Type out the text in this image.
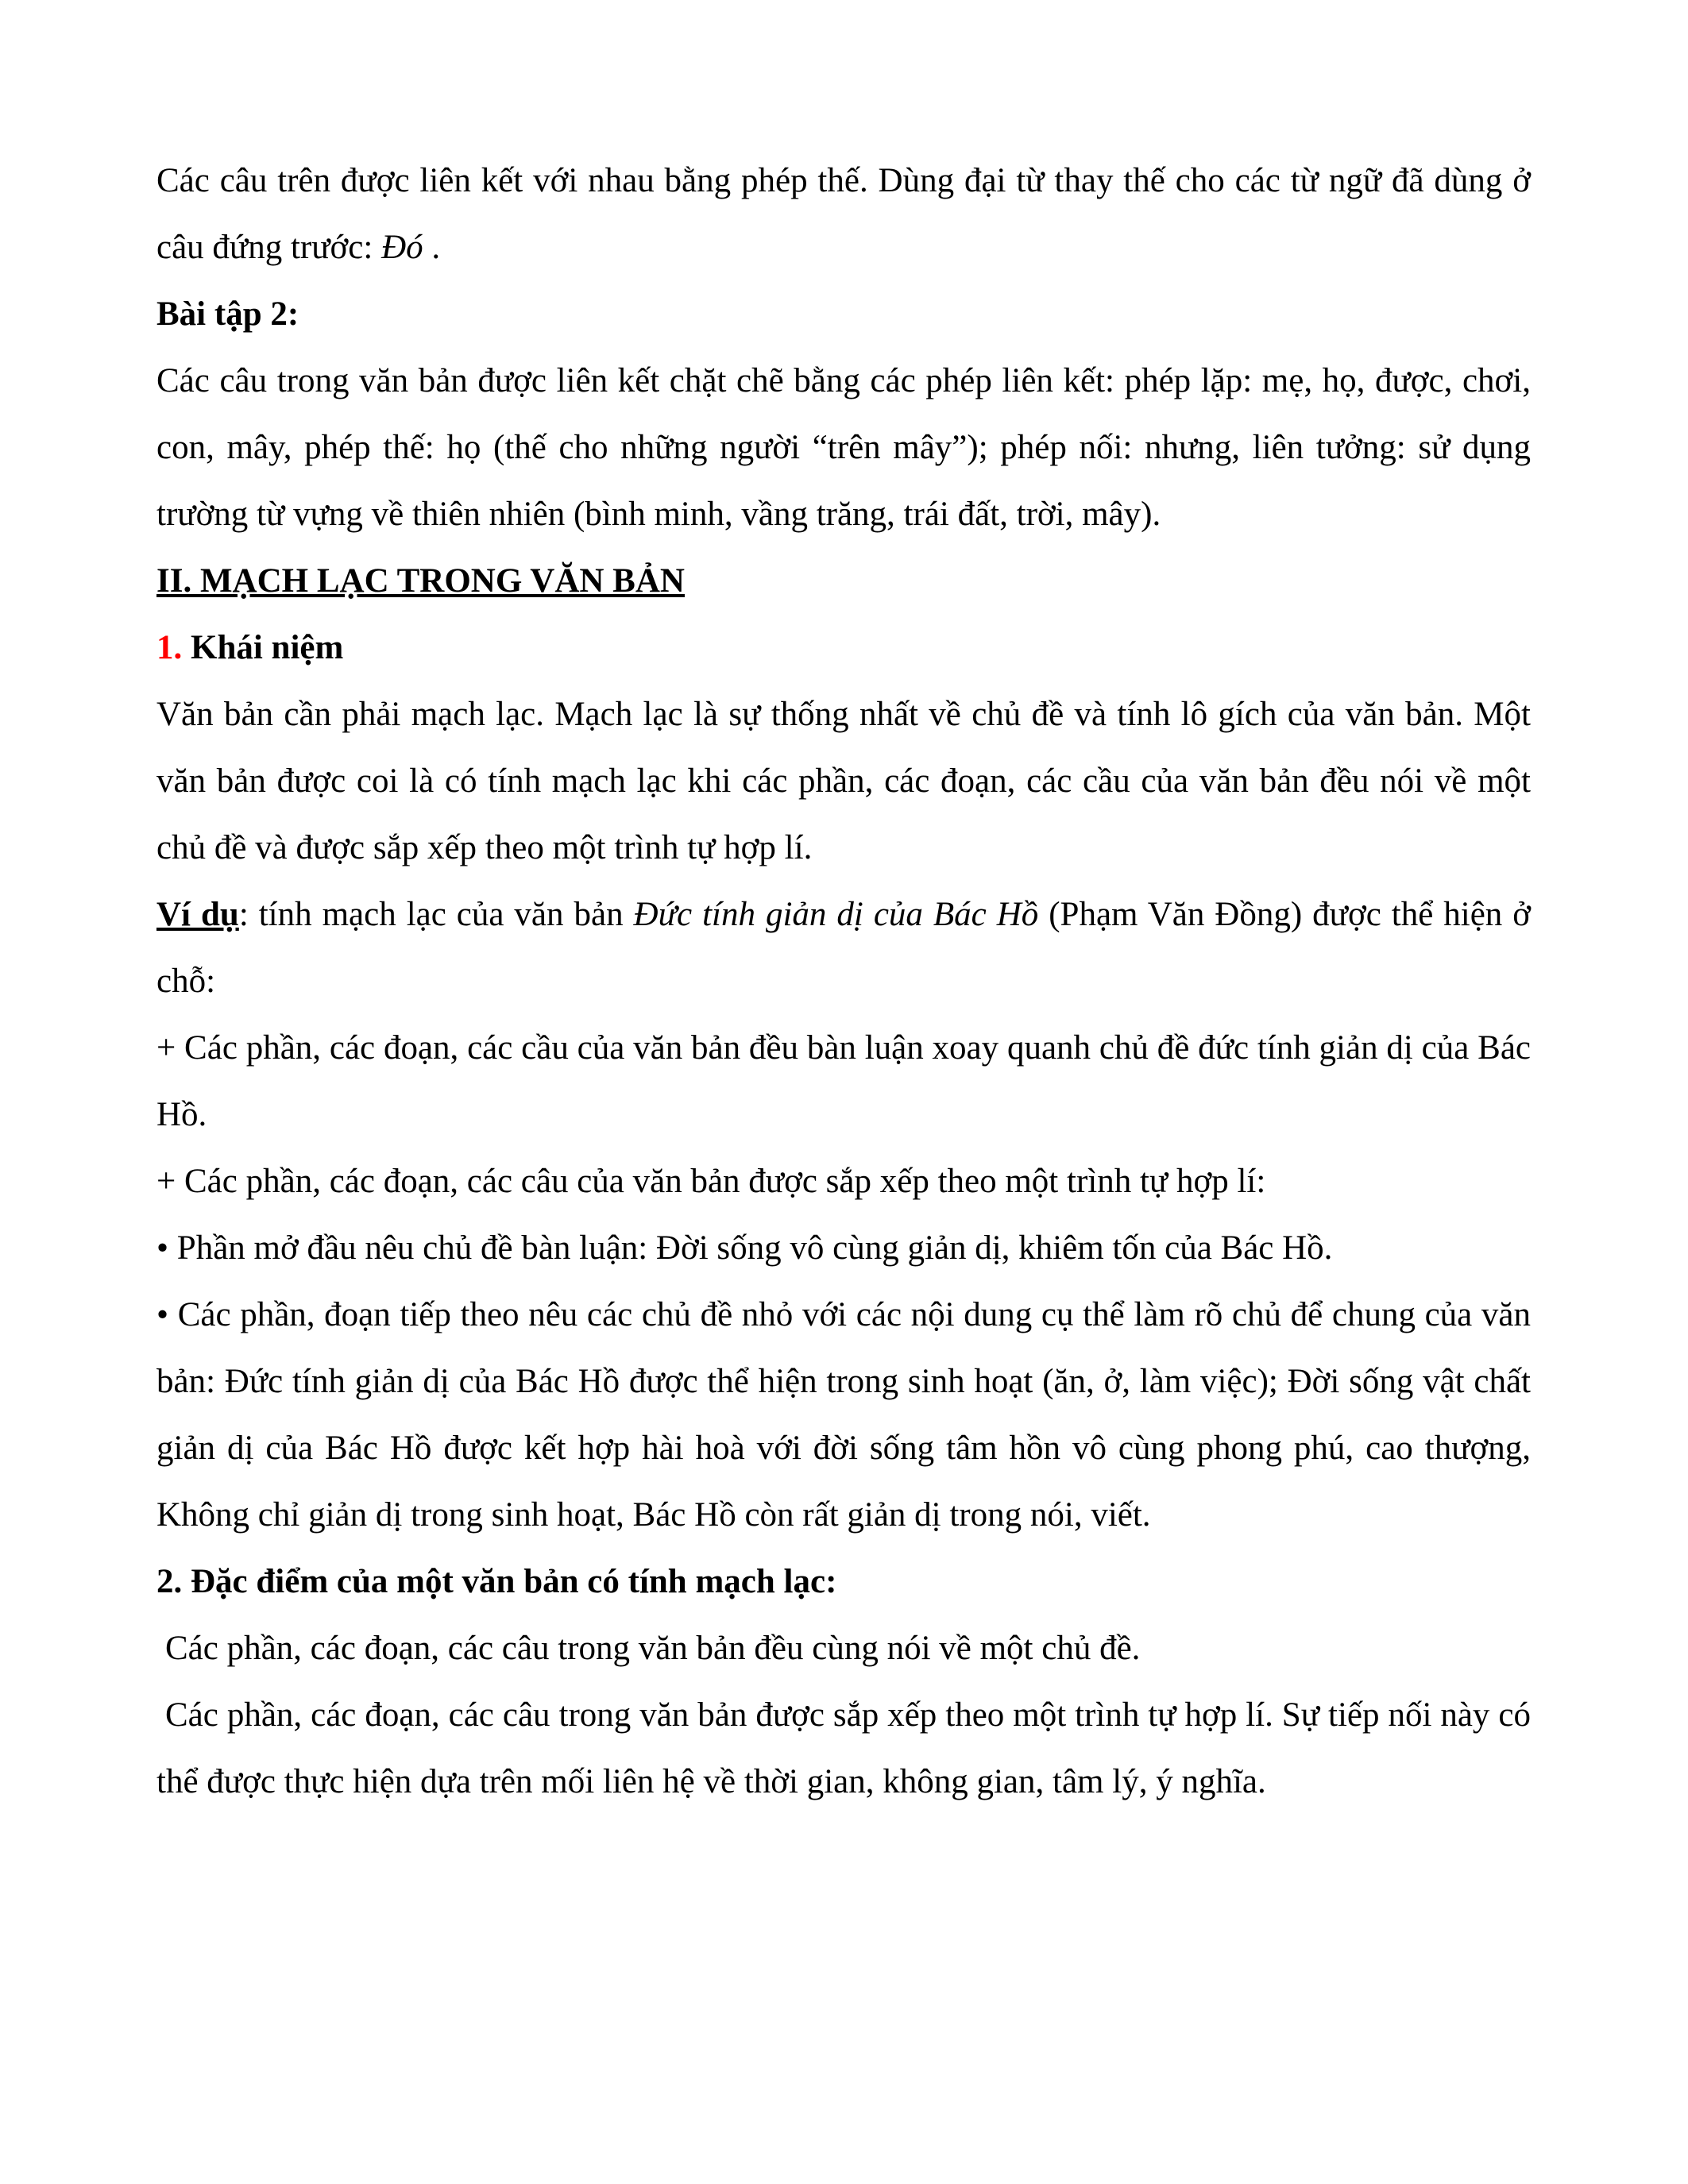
Các câu trên được liên kết với nhau bằng phép thế. Dùng đại từ thay thế cho các từ ngữ đã dùng ở câu đứng trước: Đó .

Bài tập 2:

Các câu trong văn bản được liên kết chặt chẽ bằng các phép liên kết: phép lặp: mẹ, họ, được, chơi, con, mây, phép thế: họ (thế cho những người “trên mây”); phép nối: nhưng, liên tưởng: sử dụng trường từ vựng về thiên nhiên (bình minh, vầng trăng, trái đất, trời, mây).

II. MẠCH LẠC TRONG VĂN BẢN

1. Khái niệm

Văn bản cần phải mạch lạc. Mạch lạc là sự thống nhất về chủ đề và tính lô gích của văn bản. Một văn bản được coi là có tính mạch lạc khi các phần, các đoạn, các cầu của văn bản đều nói về một chủ đề và được sắp xếp theo một trình tự hợp lí.

Ví dụ: tính mạch lạc của văn bản Đức tính giản dị của Bác Hồ (Phạm Văn Đồng) được thể hiện ở chỗ:

+ Các phần, các đoạn, các cầu của văn bản đều bàn luận xoay quanh chủ đề đức tính giản dị của Bác Hồ.

+ Các phần, các đoạn, các câu của văn bản được sắp xếp theo một trình tự hợp lí:

• Phần mở đầu nêu chủ đề bàn luận: Đời sống vô cùng giản dị, khiêm tốn của Bác Hồ.

• Các phần, đoạn tiếp theo nêu các chủ đề nhỏ với các nội dung cụ thể làm rõ chủ để chung của văn bản: Đức tính giản dị của Bác Hồ được thể hiện trong sinh hoạt (ăn, ở, làm việc); Đời sống vật chất giản dị của Bác Hồ được kết hợp hài hoà với đời sống tâm hồn vô cùng phong phú, cao thượng, Không chỉ giản dị trong sinh hoạt, Bác Hồ còn rất giản dị trong nói, viết.

2. Đặc điểm của một văn bản có tính mạch lạc:

Các phần, các đoạn, các câu trong văn bản đều cùng nói về một chủ đề.

Các phần, các đoạn, các câu trong văn bản được sắp xếp theo một trình tự hợp lí. Sự tiếp nối này có thể được thực hiện dựa trên mối liên hệ về thời gian, không gian, tâm lý, ý nghĩa.
